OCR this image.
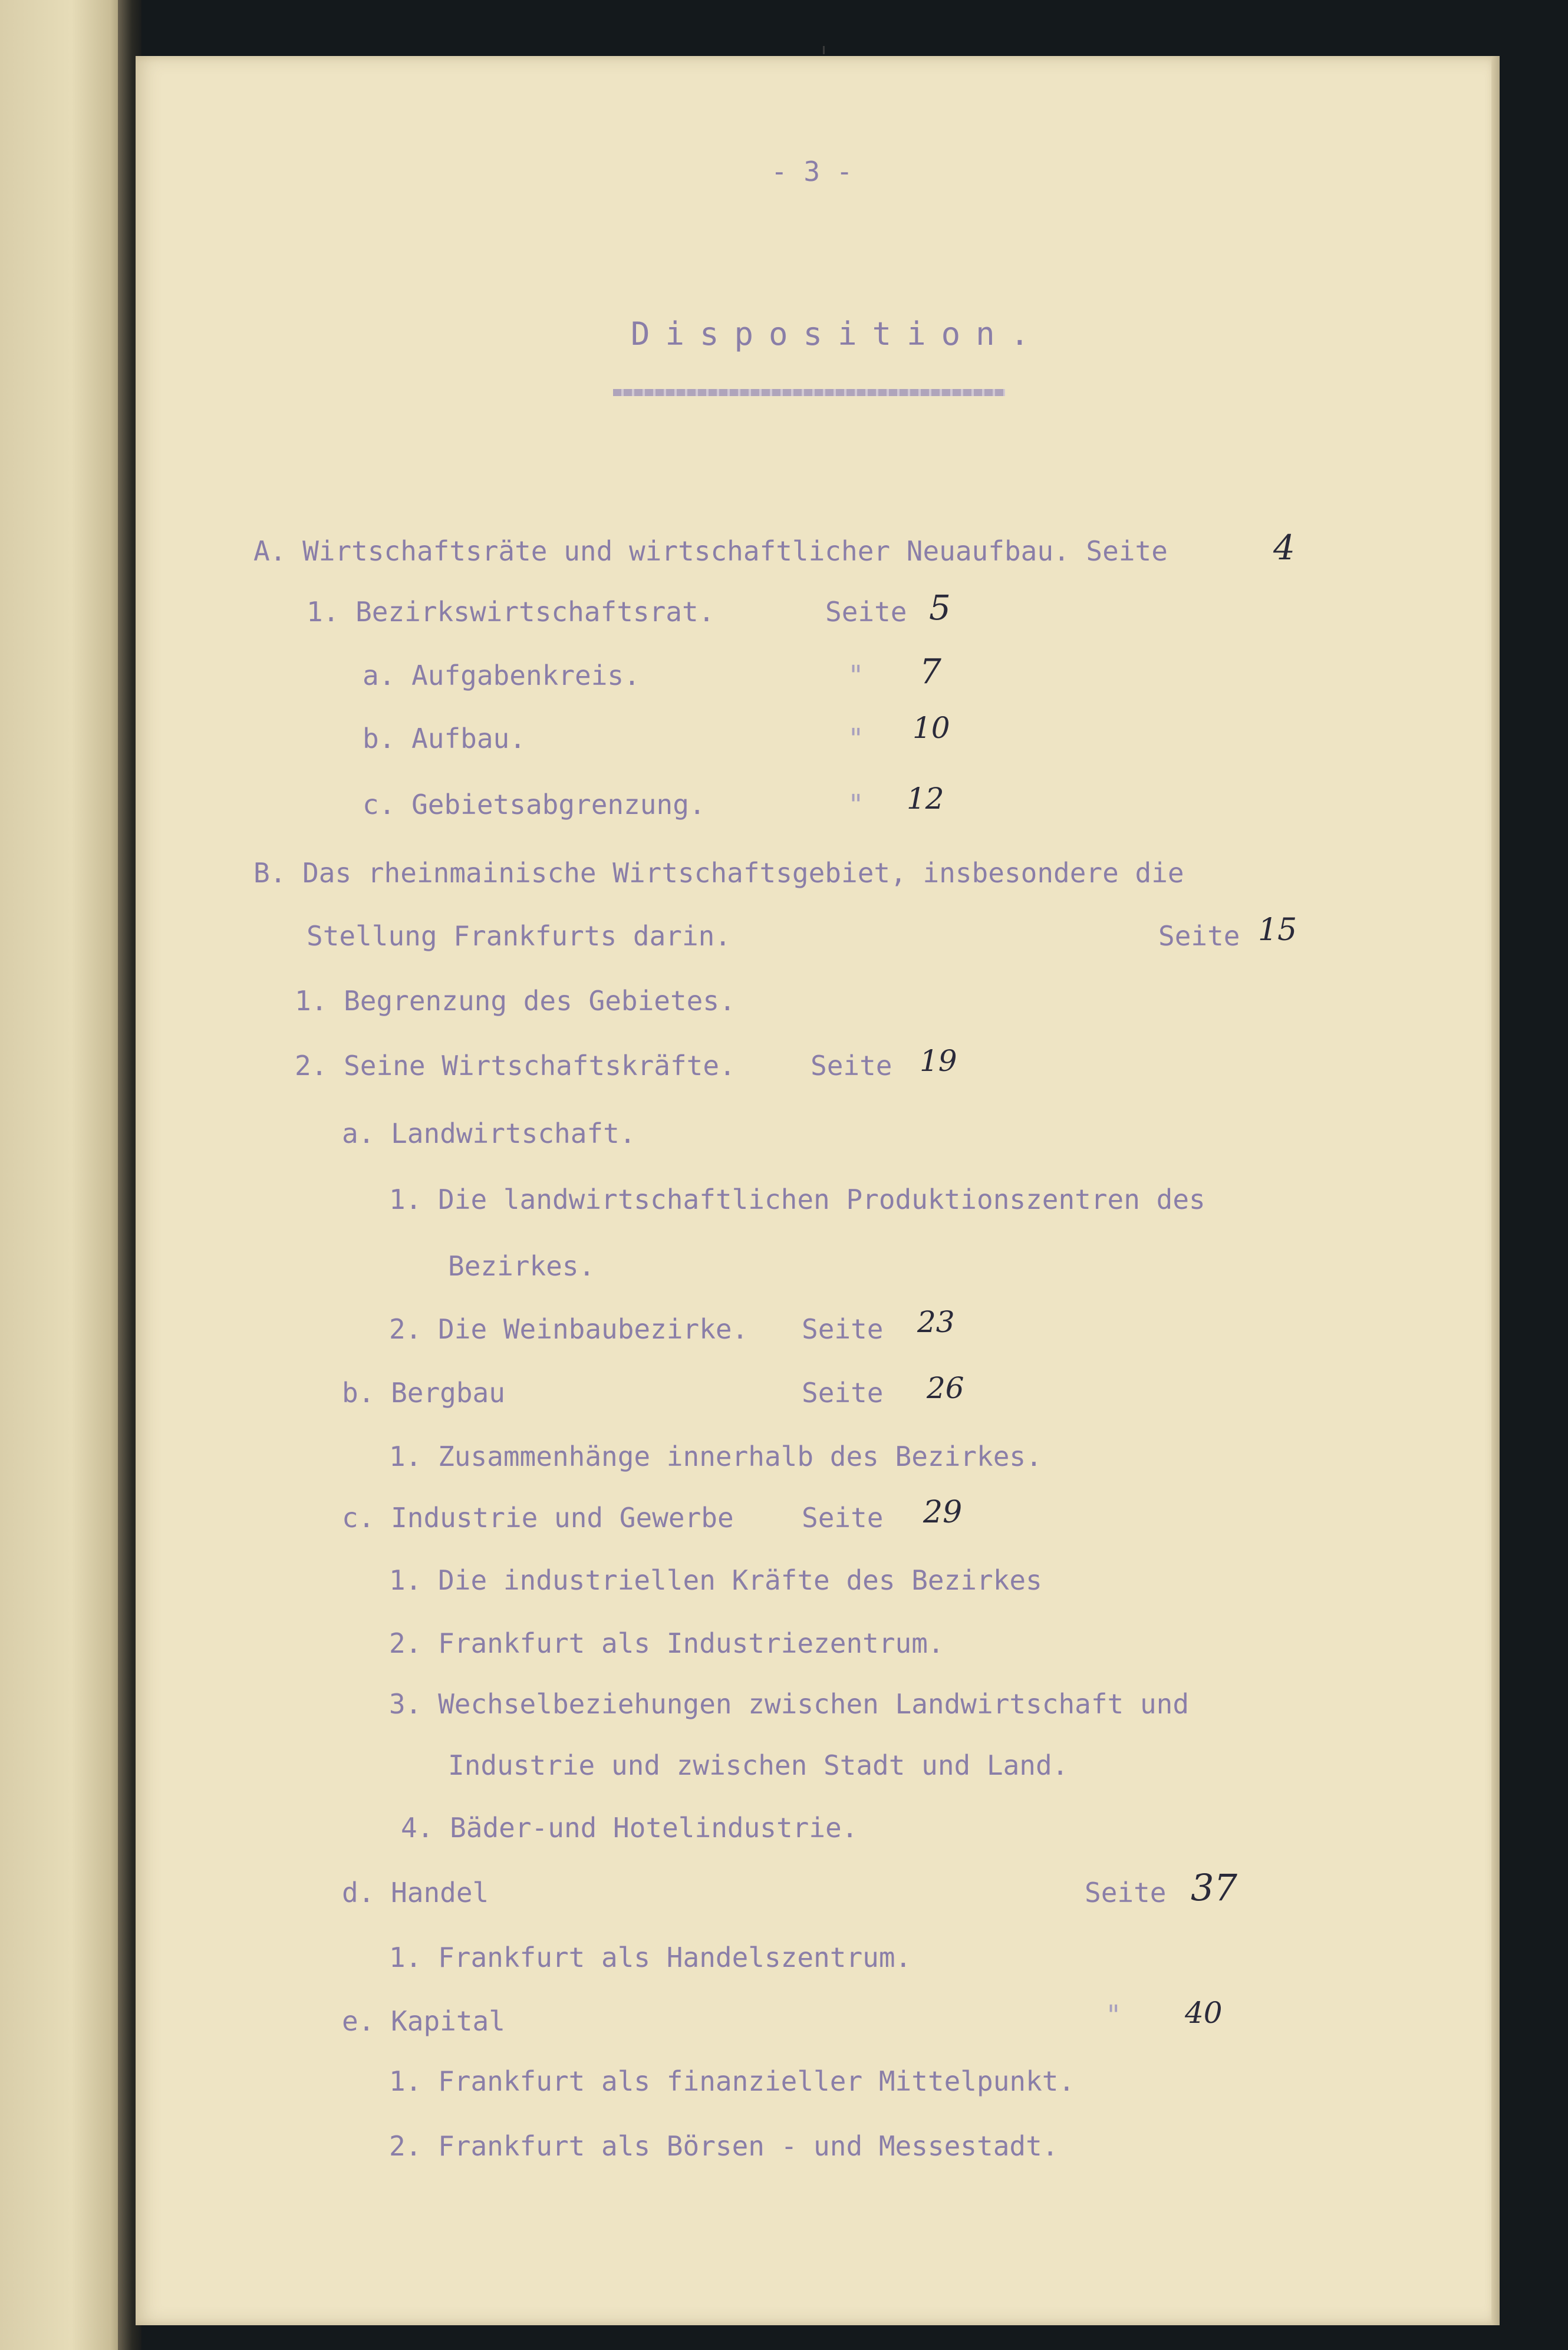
- 3 -
Disposition.
A. Wirtschaftsräte und wirtschaftlicher Neuaufbau. Seite	4
1. Bezirkswirtschaftsrat.	Seite 5
a. Aufgabenkreis.	" 7
b. Aufbau.	" 10
c. Gebietsabgrenzung.	" 12
B. Das rheinmainische Wirtschaftsgebiet, insbesondere die
Stellung Frankfurts darin.	Seite 15
1. Begrenzung des Gebietes.
2. Seine Wirtschaftskräfte.	Seite 19
a. Landwirtschaft.
1. Die landwirtschaftlichen Produktionszentren des
Bezirkes.
2. Die Weinbaubezirke. Seite 23
b. Bergbau	Seite 26
1. Zusammenhänge innerhalb des Bezirkes.
c. Industrie und Gewerbe	Seite 29
1. Die industriellen Kräfte des Bezirkes
2. Frankfurt als Industriezentrum.
3. Wechselbeziehungen zwischen Landwirtschaft und
Industrie und zwischen Stadt und Land.
4. Bäder-und Hotelindustrie.
d. Handel	Seite 37
1. Frankfurt als Handelszentrum.
e. Kapital	" 40
1. Frankfurt als finanzieller Mittelpunkt.
2. Frankfurt als Börsen - und Messestadt.
